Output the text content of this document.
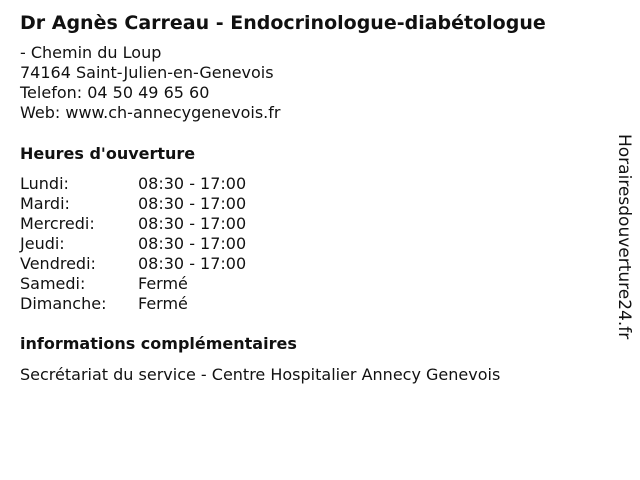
Dr Agnès Carreau - Endocrinologue-diabétologue
- Chemin du Loup
74164 Saint-Julien-en-Genevois
Telefon: 04 50 49 65 60
Web: www.ch-annecygenevois.fr
Heures d'ouverture
Lundi:	08:30 - 17:00
Mardi:	08:30 - 17:00
Mercredi:	08:30 - 17:00
Jeudi:	08:30 - 17:00
Vendredi:	08:30 - 17:00
Samedi:	Fermé
Dimanche:	Fermé
informations complémentaires
Secrétariat du service - Centre Hospitalier Annecy Genevois
Horairesdouverture24.fr
